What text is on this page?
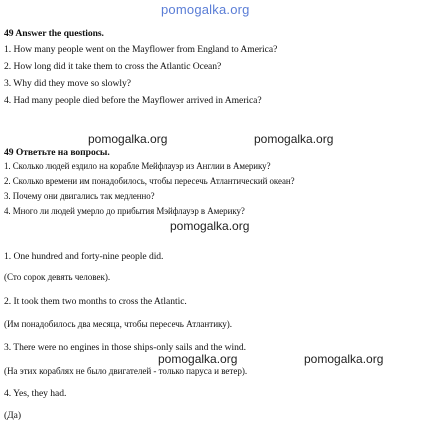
pomogalka.org
49 Answer the questions.
1. How many people went on the Mayflower from England to America?
2. How long did it take them to cross the Atlantic Ocean?
3. Why did they move so slowly?
4. Had many people died before the Mayflower arrived in America?
pomogalka.org	pomogalka.org
49 Ответьте на вопросы.
1. Сколько людей ездило на корабле Мейфлауэр из Англии в Америку?
2. Сколько времени им понадобилось, чтобы пересечь Атлантический океан?
3. Почему они двигались так медленно?
4. Много ли людей умерло до прибытия Мэйфлауэр в Америку?
pomogalka.org
1. One hundred and forty-nine people did.
(Сто сорок девять человек).
2. It took them two months to cross the Atlantic.
(Им понадобилось два месяца, чтобы пересечь Атлантику).
3. There were no engines in those ships-only sails and the wind.
pomogalka.org	pomogalka.org
(На этих кораблях не было двигателей - только паруса и ветер).
4. Yes, they had.
(Да)
